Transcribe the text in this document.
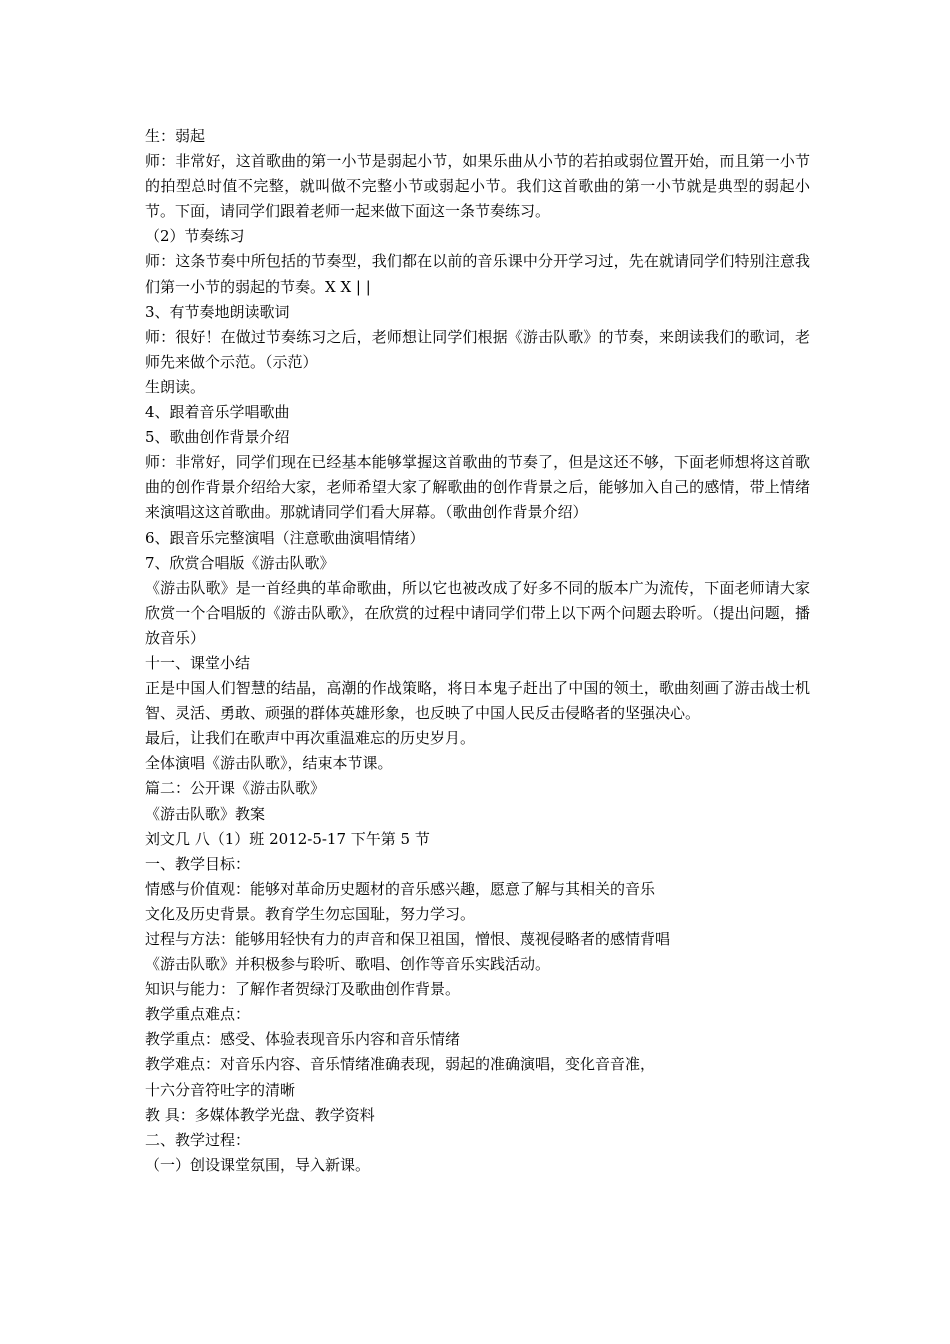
生：弱起

师：非常好，这首歌曲的第一小节是弱起小节，如果乐曲从小节的若拍或弱位置开始，而且第一小节的拍型总时值不完整，就叫做不完整小节或弱起小节。我们这首歌曲的第一小节就是典型的弱起小节。下面，请同学们跟着老师一起来做下面这一条节奏练习。

（2）节奏练习

师：这条节奏中所包括的节奏型，我们都在以前的音乐课中分开学习过，先在就请同学们特别注意我们第一小节的弱起的节奏。X X | |

3、有节奏地朗读歌词

师：很好！在做过节奏练习之后，老师想让同学们根据《游击队歌》的节奏，来朗读我们的歌词，老师先来做个示范。（示范）

生朗读。

4、跟着音乐学唱歌曲

5、歌曲创作背景介绍

师：非常好，同学们现在已经基本能够掌握这首歌曲的节奏了，但是这还不够，下面老师想将这首歌曲的创作背景介绍给大家，老师希望大家了解歌曲的创作背景之后，能够加入自己的感情，带上情绪来演唱这这首歌曲。那就请同学们看大屏幕。（歌曲创作背景介绍）

6、跟音乐完整演唱（注意歌曲演唱情绪）

7、欣赏合唱版《游击队歌》

《游击队歌》是一首经典的革命歌曲，所以它也被改成了好多不同的版本广为流传，下面老师请大家欣赏一个合唱版的《游击队歌》，在欣赏的过程中请同学们带上以下两个问题去聆听。（提出问题，播放音乐）

十一、课堂小结

正是中国人们智慧的结晶，高潮的作战策略，将日本鬼子赶出了中国的领土，歌曲刻画了游击战士机智、灵活、勇敢、顽强的群体英雄形象，也反映了中国人民反击侵略者的坚强决心。

最后，让我们在歌声中再次重温难忘的历史岁月。

全体演唱《游击队歌》，结束本节课。

篇二：公开课《游击队歌》

《游击队歌》教案

刘文几 八（1）班 2012-5-17 下午第 5 节

一、教学目标：

情感与价值观：能够对革命历史题材的音乐感兴趣，愿意了解与其相关的音乐

文化及历史背景。教育学生勿忘国耻，努力学习。

过程与方法：能够用轻快有力的声音和保卫祖国，憎恨、蔑视侵略者的感情背唱

《游击队歌》并积极参与聆听、歌唱、创作等音乐实践活动。

知识与能力：了解作者贺绿汀及歌曲创作背景。

教学重点难点：

教学重点：感受、体验表现音乐内容和音乐情绪

教学难点：对音乐内容、音乐情绪准确表现，弱起的准确演唱，变化音音准，

十六分音符吐字的清晰

教 具：多媒体教学光盘、教学资料

二、教学过程：

（一）创设课堂氛围，导入新课。
